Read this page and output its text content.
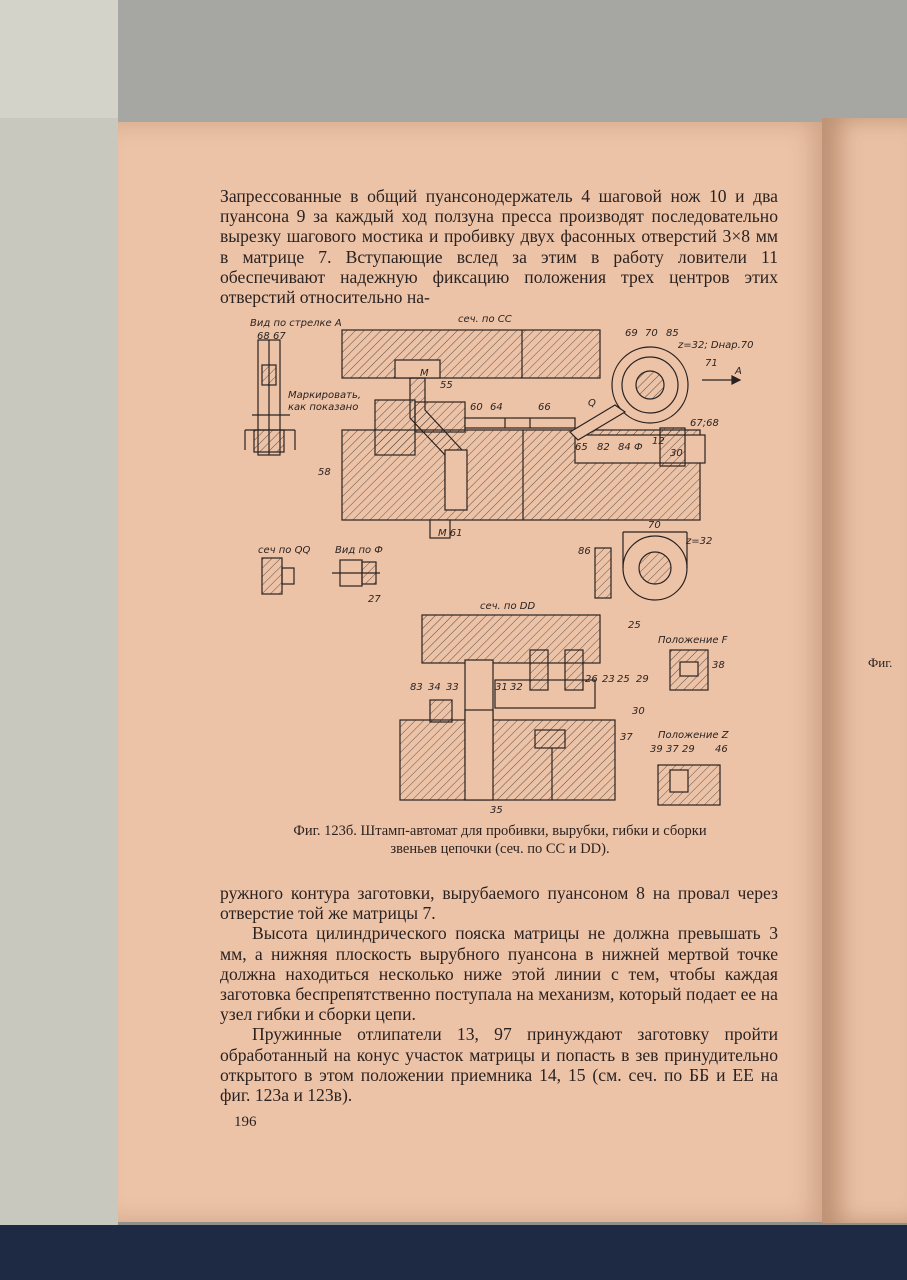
Фиг.

Запрессованные в общий пуансонодержатель 4 шаговой нож 10 и два пуансона 9 за каждый ход ползуна пресса производят последовательно вырезку шагового мостика и пробивку двух фасонных отверстий 3×8 мм в матрице 7. Вступающие вслед за этим в работу ловители 11 обеспечивают надежную фиксацию положения трех центров этих отверстий относительно на-

Вид по стрелке A	сеч. по CC
68 67
Маркировать,
как показано
M
55
60 64	66	Q
69 70 85
z=32; Dнар.70
71
A
67;68
65 82 84 Ф
12
30
58
M 61
сеч по QQ Вид по Ф
27
70
z=32
86
25
сеч. по DD
Положение F
38
83 34 33	31 32
26 23 25 29
30
37	Положение Z
39 37 29 46
35
Фиг. 123б. Штамп-автомат для пробивки, вырубки, гибки и сборки
звеньев цепочки (сеч. по CC и DD).

ружного контура заготовки, вырубаемого пуансоном 8 на провал через отверстие той же матрицы 7.

Высота цилиндрического пояска матрицы не должна превышать 3 мм, а нижняя плоскость вырубного пуансона в нижней мертвой точке должна находиться несколько ниже этой линии с тем, чтобы каждая заготовка беспрепятственно поступала на механизм, который подает ее на узел гибки и сборки цепи.

Пружинные отлипатели 13, 97 принуждают заготовку пройти обработанный на конус участок матрицы и попасть в зев принудительно открытого в этом положении приемника 14, 15 (см. сеч. по ББ и ЕЕ на фиг. 123а и 123в).

196
